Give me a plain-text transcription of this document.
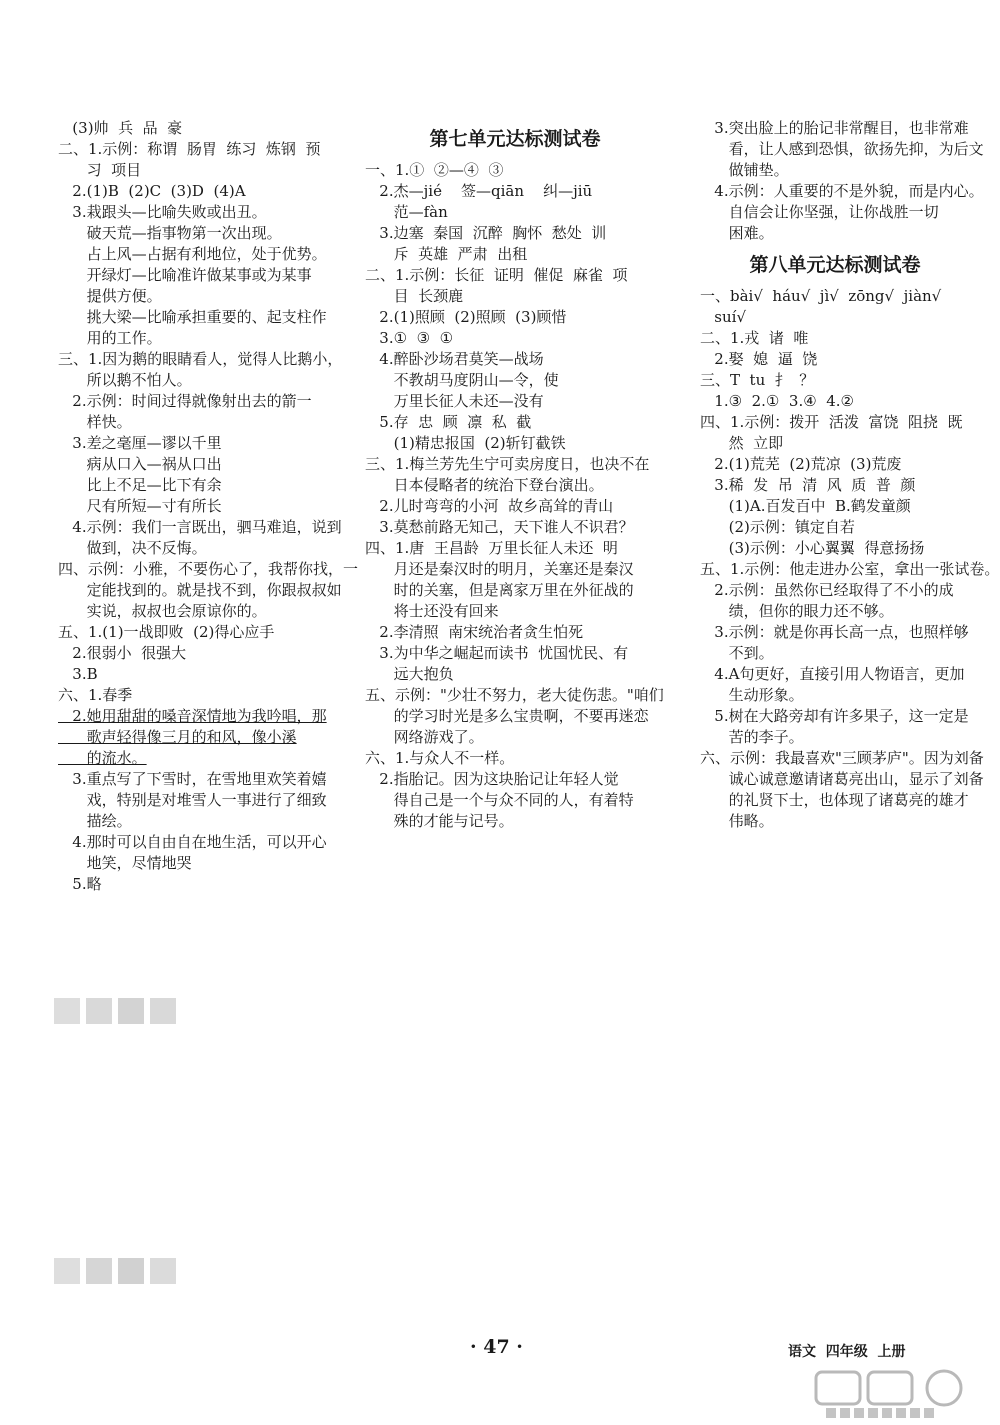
(3)帅  兵  品  豪
二、1.示例：称谓  肠胃  练习  炼钢  预
习  项目
2.(1)B  (2)C  (3)D  (4)A
3.栽跟头—比喻失败或出丑。
破天荒—指事物第一次出现。
占上风—占据有利地位，处于优势。
开绿灯—比喻准许做某事或为某事
提供方便。
挑大梁—比喻承担重要的、起支柱作
用的工作。
三、1.因为鹅的眼睛看人，觉得人比鹅小，
所以鹅不怕人。
2.示例：时间过得就像射出去的箭一
样快。
3.差之毫厘—谬以千里
病从口入—祸从口出
比上不足—比下有余
尺有所短—寸有所长
4.示例：我们一言既出，驷马难追，说到
做到，决不反悔。
四、示例：小雅，不要伤心了，我帮你找，一
定能找到的。就是找不到，你跟叔叔如
实说，叔叔也会原谅你的。
五、1.(1)一战即败  (2)得心应手
2.很弱小  很强大
3.B
六、1.春季
2.她用甜甜的嗓音深情地为我吟唱，那
歌声轻得像三月的和风，像小溪
的流水。
3.重点写了下雪时，在雪地里欢笑着嬉
戏，特别是对堆雪人一事进行了细致
描绘。
4.那时可以自由自在地生活，可以开心
地笑，尽情地哭
5.略
第七单元达标测试卷
一、1.①  ②—④  ③
2.杰—jié    签—qiān    纠—jiū
范—fàn
3.边塞  秦国  沉醉  胸怀  愁处  训
斥  英雄  严肃  出租
二、1.示例：长征  证明  催促  麻雀  项
目  长颈鹿
2.(1)照顾  (2)照顾  (3)顾惜
3.①  ③  ①
4.醉卧沙场君莫笑—战场
不教胡马度阴山—令，使
万里长征人未还—没有
5.存  忠  顾  凛  私  截
(1)精忠报国  (2)斩钉截铁
三、1.梅兰芳先生宁可卖房度日，也决不在
日本侵略者的统治下登台演出。
2.儿时弯弯的小河  故乡高耸的青山
3.莫愁前路无知己，天下谁人不识君？
四、1.唐  王昌龄  万里长征人未还  明
月还是秦汉时的明月，关塞还是秦汉
时的关塞，但是离家万里在外征战的
将士还没有回来
2.李清照  南宋统治者贪生怕死
3.为中华之崛起而读书  忧国忧民、有
远大抱负
五、示例："少壮不努力，老大徒伤悲。"咱们
的学习时光是多么宝贵啊，不要再迷恋
网络游戏了。
六、1.与众人不一样。
2.指胎记。因为这块胎记让年轻人觉
得自己是一个与众不同的人，有着特
殊的才能与记号。
3.突出脸上的胎记非常醒目，也非常难
看，让人感到恐惧，欲扬先抑，为后文
做铺垫。
4.示例：人重要的不是外貌，而是内心。
自信会让你坚强，让你战胜一切
困难。
第八单元达标测试卷
一、bài√  háu√  jì√  zōng√  jiàn√
suí√
二、1.戎  诸  唯
2.娶  媳  逼  饶
三、T  tu  扌  ？
1.③  2.①  3.④  4.②
四、1.示例：拨开  活泼  富饶  阻挠  既
然  立即
2.(1)荒芜  (2)荒凉  (3)荒废
3.稀  发  吊  清  风  质  普  颜
(1)A.百发百中  B.鹤发童颜
(2)示例：镇定自若
(3)示例：小心翼翼  得意扬扬
五、1.示例：他走进办公室，拿出一张试卷。
2.示例：虽然你已经取得了不小的成
绩，但你的眼力还不够。
3.示例：就是你再长高一点，也照样够
不到。
4.A句更好，直接引用人物语言，更加
生动形象。
5.树在大路旁却有许多果子，这一定是
苦的李子。
六、示例：我最喜欢"三顾茅庐"。因为刘备
诚心诚意邀请诸葛亮出山，显示了刘备
的礼贤下士，也体现了诸葛亮的雄才
伟略。
· 47 ·	语文  四年级  上册
